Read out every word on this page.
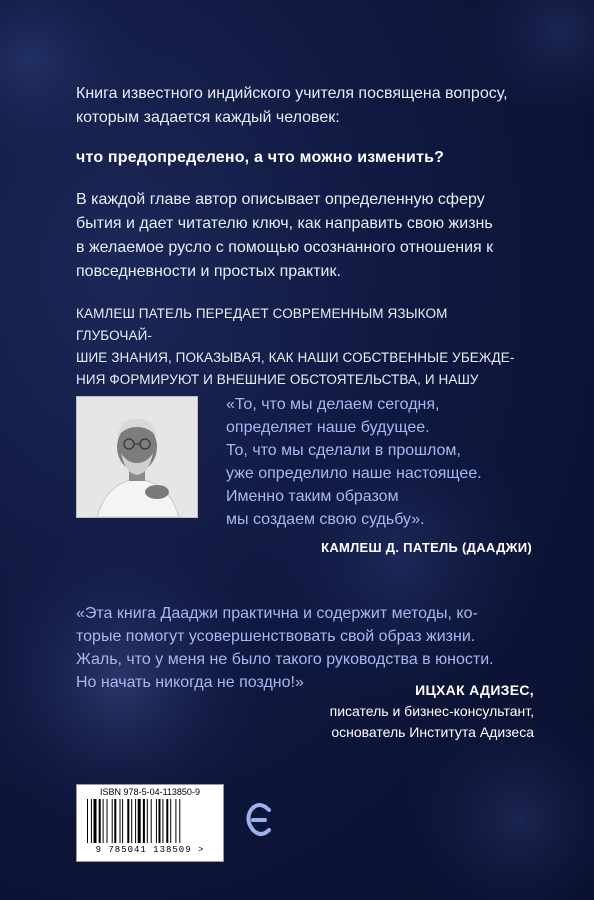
Книга известного индийского учителя посвящена вопросу,
которым задается каждый человек:
что предопределено, а что можно изменить?
В каждой главе автор описывает определенную сферу
бытия и дает читателю ключ, как направить свою жизнь
в желаемое русло с помощью осознанного отношения к
повседневности и простых практик.
КАМЛЕШ ПАТЕЛЬ ПЕРЕДАЕТ СОВРЕМЕННЫМ ЯЗЫКОМ ГЛУБОЧАЙ-
ШИЕ ЗНАНИЯ, ПОКАЗЫВАЯ, КАК НАШИ СОБСТВЕННЫЕ УБЕЖДЕ-
НИЯ ФОРМИРУЮТ И ВНЕШНИЕ ОБСТОЯТЕЛЬСТВА, И НАШУ
«То, что мы делаем сегодня,
определяет наше будущее.
То, что мы сделали в прошлом,
уже определило наше настоящее.
Именно таким образом
мы создаем свою судьбу».
КАМЛЕШ Д. ПАТЕЛЬ (ДААДЖИ)
«Эта книга Дааджи практична и содержит методы, ко-
торые помогут усовершенствовать свой образ жизни.
Жаль, что у меня не было такого руководства в юности.
Но начать никогда не поздно!»	ИЦХАК АДИЗЕС,
писатель и бизнес-консультант,
основатель Института Адизеса
ISBN 978-5-04-113850-9
9 785041 138509 >
